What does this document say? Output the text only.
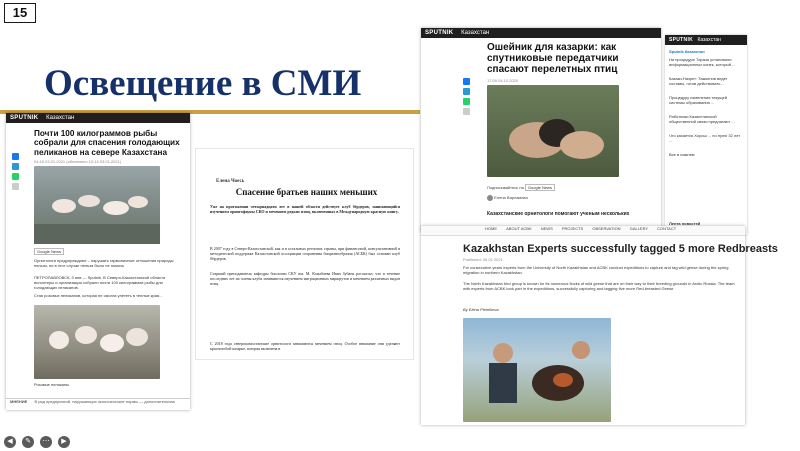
15
Освещение в СМИ
SPUTNIK Казахстан
Почти 100 килограммов рыбы собрали для спасения голодающих пеликанов на севере Казахстана
04:16 03.01.2021 (обновлено 10:14 03.01.2021)
Google News
Орнитологи предупреждают – нарушать гармоничные отношения природы нельзя, но в этот случае нельзя было не помочь
ПЕТРОПАВЛОВСК, 3 янв — Sputnik. В Северо-Казахстанской области волонтеры и организации собрали почти 100 килограммов рыбы для голодающих пеликанов.
Стая розовых пеликанов, которая не смогла улететь в теплые края...
Розовые пеликаны
МНЕНИЕ В ряд предприятий, нарушающих экологические нормы — дополнительная
Елена Чоесь
Спасение братьев наших меньших
Уже на протяжении четырнадцати лет в нашей области действует клуб бёрдеров, занимающийся изучением орнитофауны СКО и мечением редких птиц, включенных в Международную красную книгу.
В 2007 году в Северо-Казахстанской, как и в остальных регионах страны, при финансовой, консультативной и методической поддержке Казахстанской ассоциации сохранения биоразнообразия (АСБК) был основан клуб бёрдеров.
Старший преподаватель кафедры биологии СКУ им. М. Козыбаева Иван Зубань рассказал, что в течение последних лет их члены клуба занимаются изучением миграционных маршрутов и мечением различных видов птиц.
С 2018 года североказахстанские орнитологи занимаются мечением птиц. Особое внимание они уделяют краснозобой казарке, которая включена в
SPUTNIK Казахстан
Ошейник для казарки: как спутниковые передатчики спасают перелетных птиц
17:09 04.10.2020
Подписывайтесь на Google News
Елена Варламова
Казахстанские орнитологи помогают ученым нескольких
SPUTNIK Казахстан
Sputnik Казахстан
На процедуре Тараза установили информационных конек, который ...
Казаки-Назрет: Тажкенов ведет составы, готов действовать...
Процедуру изменения текущей системы образования ...
Работники Казахстанской общественной связи предлагают ...
Что касается Хорош ... по нулю 32 лет ...
Все в нижнем
Лента новостей
HOME ABOUT ACBK NEWS PROJECTS OBSERVATION GALLERY CONTACT
Kazakhstan Experts successfully tagged 5 more Redbreasts
Published: 05.01.2021
For consecutive years experts from the University of North Kazakhstan and ACBK conduct expeditions to capture and tag wild geese during the spring migration in northern Kazakhstan.
The North Kazakhstan bird group is known for its numerous flocks of wild geese that are on their way to their breeding grounds in Arctic Russia. The team with experts from ACBK took part in the expeditions, successfully capturing and tagging five more Red-breasted Geese.
By Elena Pletnikova
◀	✎	⋯	▶
